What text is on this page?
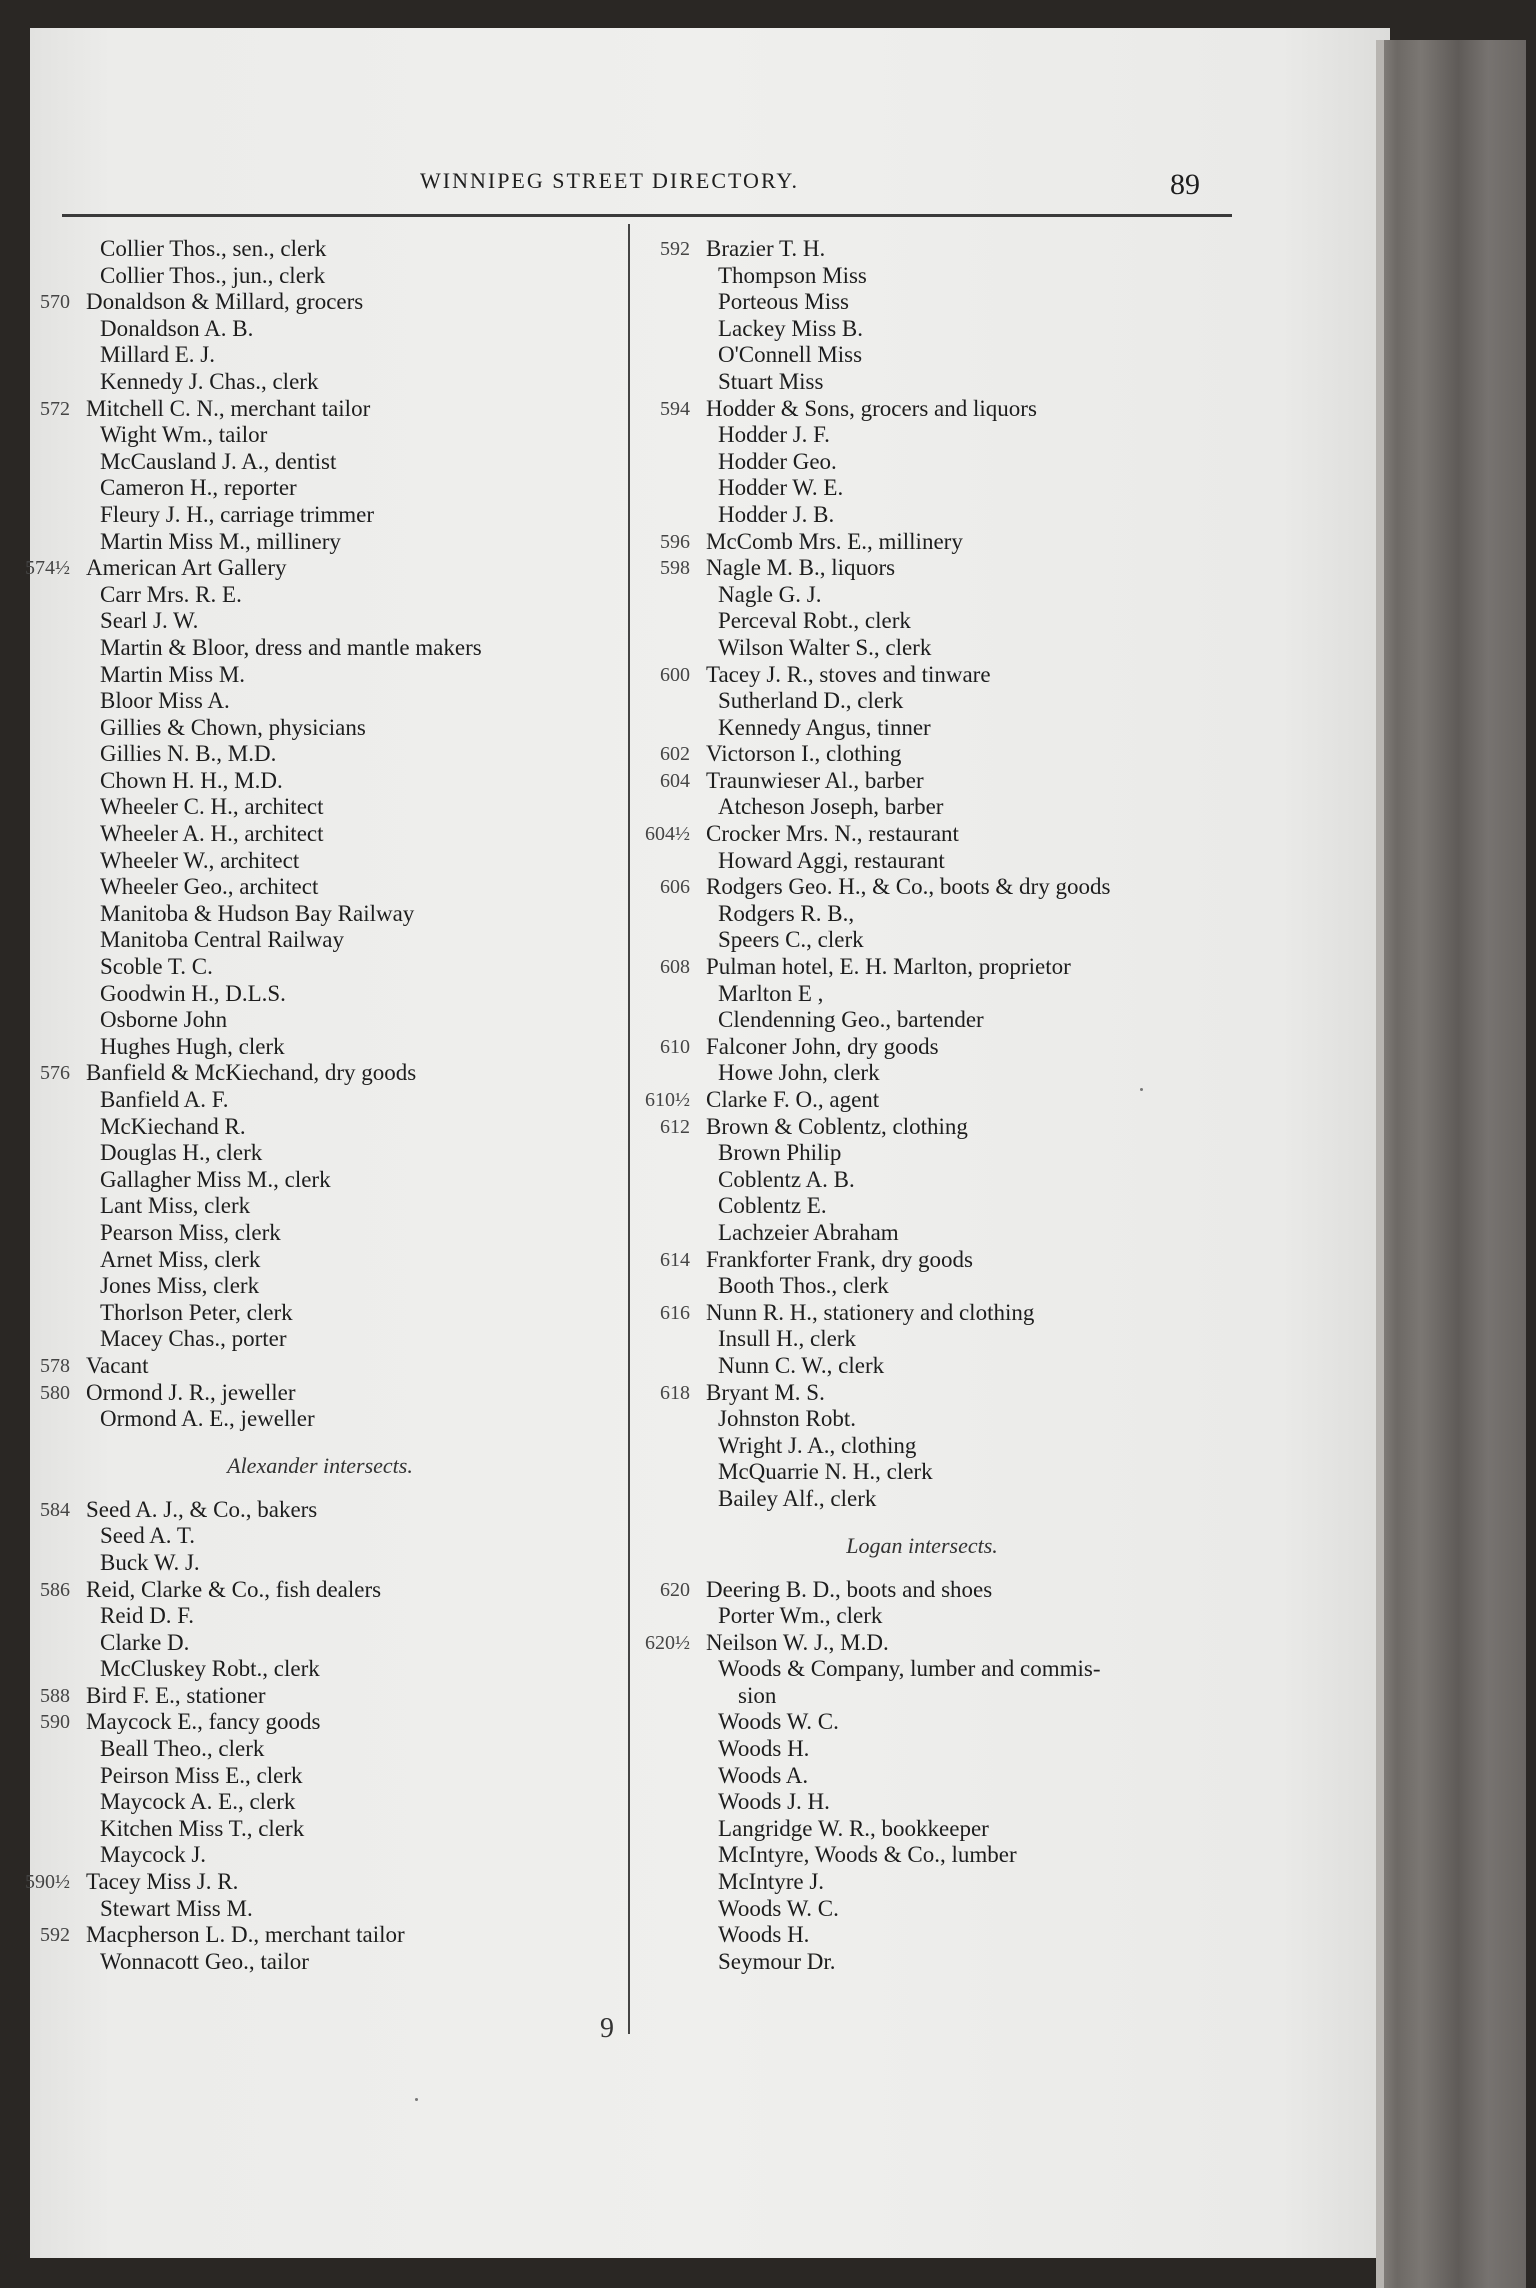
WINNIPEG STREET DIRECTORY.	89
Collier Thos., sen., clerk
Collier Thos., jun., clerk
570 Donaldson & Millard, grocers
Donaldson A. B.
Millard E. J.
Kennedy J. Chas., clerk
572 Mitchell C. N., merchant tailor
Wight Wm., tailor
McCausland J. A., dentist
Cameron H., reporter
Fleury J. H., carriage trimmer
Martin Miss M., millinery
574½ American Art Gallery
Carr Mrs. R. E.
Searl J. W.
Martin & Bloor, dress and mantle makers
Martin Miss M.
Bloor Miss A.
Gillies & Chown, physicians
Gillies N. B., M.D.
Chown H. H., M.D.
Wheeler C. H., architect
Wheeler A. H., architect
Wheeler W., architect
Wheeler Geo., architect
Manitoba & Hudson Bay Railway
Manitoba Central Railway
Scoble T. C.
Goodwin H., D.L.S.
Osborne John
Hughes Hugh, clerk
576 Banfield & McKiechand, dry goods
Banfield A. F.
McKiechand R.
Douglas H., clerk
Gallagher Miss M., clerk
Lant Miss, clerk
Pearson Miss, clerk
Arnet Miss, clerk
Jones Miss, clerk
Thorlson Peter, clerk
Macey Chas., porter
578 Vacant
580 Ormond J. R., jeweller
Ormond A. E., jeweller
Alexander intersects.
584 Seed A. J., & Co., bakers
Seed A. T.
Buck W. J.
586 Reid, Clarke & Co., fish dealers
Reid D. F.
Clarke D.
McCluskey Robt., clerk
588 Bird F. E., stationer
590 Maycock E., fancy goods
Beall Theo., clerk
Peirson Miss E., clerk
Maycock A. E., clerk
Kitchen Miss T., clerk
Maycock J.
590½ Tacey Miss J. R.
Stewart Miss M.
592 Macpherson L. D., merchant tailor
Wonnacott Geo., tailor
592 Brazier T. H.
Thompson Miss
Porteous Miss
Lackey Miss B.
O'Connell Miss
Stuart Miss
594 Hodder & Sons, grocers and liquors
Hodder J. F.
Hodder Geo.
Hodder W. E.
Hodder J. B.
596 McComb Mrs. E., millinery
598 Nagle M. B., liquors
Nagle G. J.
Perceval Robt., clerk
Wilson Walter S., clerk
600 Tacey J. R., stoves and tinware
Sutherland D., clerk
Kennedy Angus, tinner
602 Victorson I., clothing
604 Traunwieser Al., barber
Atcheson Joseph, barber
604½ Crocker Mrs. N., restaurant
Howard Aggi, restaurant
606 Rodgers Geo. H., & Co., boots & dry goods
Rodgers R. B.,
Speers C., clerk
608 Pulman hotel, E. H. Marlton, proprietor
Marlton E ,
Clendenning Geo., bartender
610 Falconer John, dry goods
Howe John, clerk
610½ Clarke F. O., agent
612 Brown & Coblentz, clothing
Brown Philip
Coblentz A. B.
Coblentz E.
Lachzeier Abraham
614 Frankforter Frank, dry goods
Booth Thos., clerk
616 Nunn R. H., stationery and clothing
Insull H., clerk
Nunn C. W., clerk
618 Bryant M. S.
Johnston Robt.
Wright J. A., clothing
McQuarrie N. H., clerk
Bailey Alf., clerk
Logan intersects.
620 Deering B. D., boots and shoes
Porter Wm., clerk
620½ Neilson W. J., M.D.
Woods & Company, lumber and commis-
sion
Woods W. C.
Woods H.
Woods A.
Woods J. H.
Langridge W. R., bookkeeper
McIntyre, Woods & Co., lumber
McIntyre J.
Woods W. C.
Woods H.
Seymour Dr.
9
